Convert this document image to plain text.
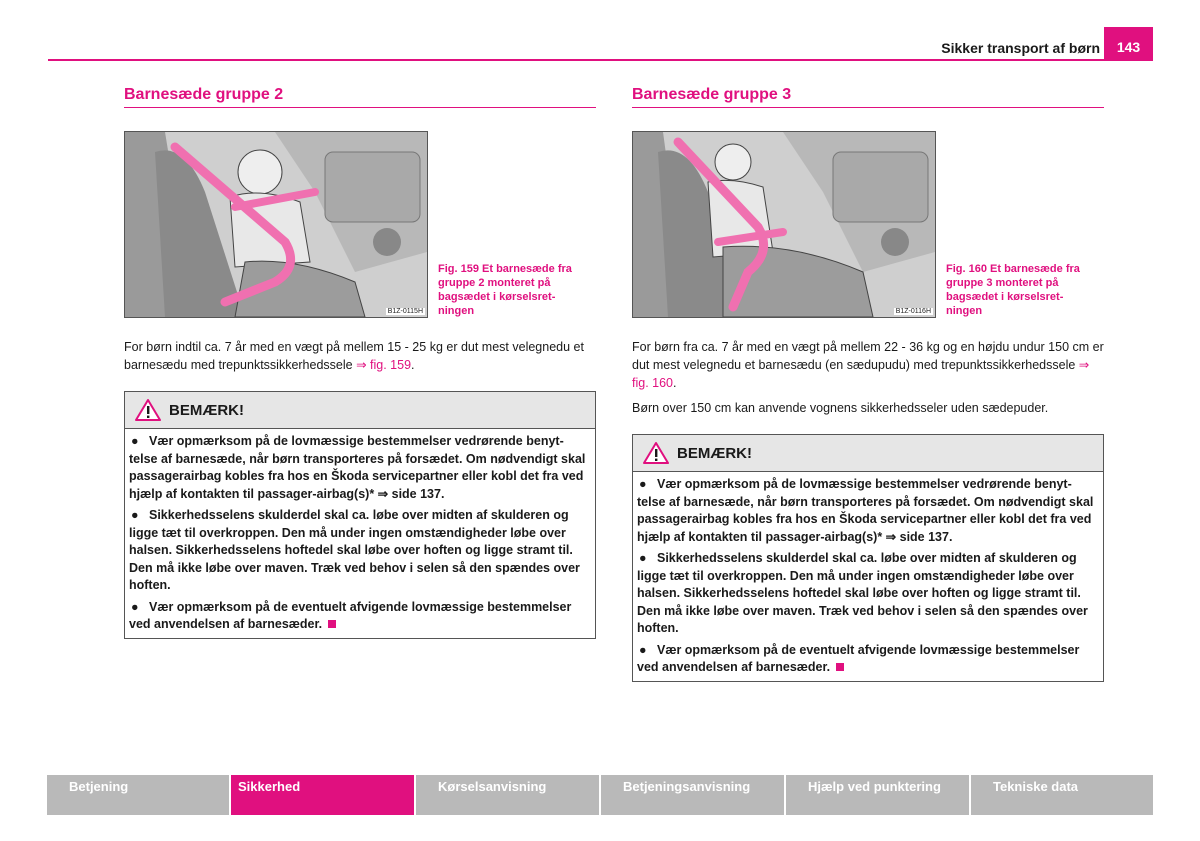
Sikker transport af børn	143
Barnesæde gruppe 2
B1Z-0115H
Fig. 159 Et barnesæde fra gruppe 2 monteret på bagsædet i kørselsret-ningen

For børn indtil ca. 7 år med en vægt på mellem 15 - 25 kg er dut mest velegnedu et barnesædu med trepunktssikkerhedssele ⇒ fig. 159.

BEMÆRK!

● Vær opmærksom på de lovmæssige bestemmelser vedrørende benyt-telse af barnesæde, når børn transporteres på forsædet. Om nødvendigt skal passagerairbag kobles fra hos en Škoda servicepartner eller kobl det fra ved hjælp af kontakten til passager-airbag(s)* ⇒ side 137.

● Sikkerhedsselens skulderdel skal ca. løbe over midten af skulderen og ligge tæt til overkroppen. Den må under ingen omstændigheder løbe over halsen. Sikkerhedsselens hoftedel skal løbe over hoften og ligge stramt til. Den må ikke løbe over maven. Træk ved behov i selen så den spændes over hoften.

● Vær opmærksom på de eventuelt afvigende lovmæssige bestemmelser ved anvendelsen af barnesæder.

Barnesæde gruppe 3
B1Z-0116H
Fig. 160 Et barnesæde fra gruppe 3 monteret på bagsædet i kørselsret-ningen

For børn fra ca. 7 år med en vægt på mellem 22 - 36 kg og en højdu undur 150 cm er dut mest velegnedu et barnesædu (en sædupudu) med trepunktssikkerhedssele ⇒ fig. 160.

Børn over 150 cm kan anvende vognens sikkerhedsseler uden sædepuder.

BEMÆRK!

● Vær opmærksom på de lovmæssige bestemmelser vedrørende benyt-telse af barnesæde, når børn transporteres på forsædet. Om nødvendigt skal passagerairbag kobles fra hos en Škoda servicepartner eller kobl det fra ved hjælp af kontakten til passager-airbag(s)* ⇒ side 137.

● Sikkerhedsselens skulderdel skal ca. løbe over midten af skulderen og ligge tæt til overkroppen. Den må under ingen omstændigheder løbe over halsen. Sikkerhedsselens hoftedel skal løbe over hoften og ligge stramt til. Den må ikke løbe over maven. Træk ved behov i selen så den spændes over hoften.

● Vær opmærksom på de eventuelt afvigende lovmæssige bestemmelser ved anvendelsen af barnesæder.

Betjening	Sikkerhed	Kørselsanvisning	Betjeningsanvisning	Hjælp ved punktering	Tekniske data
